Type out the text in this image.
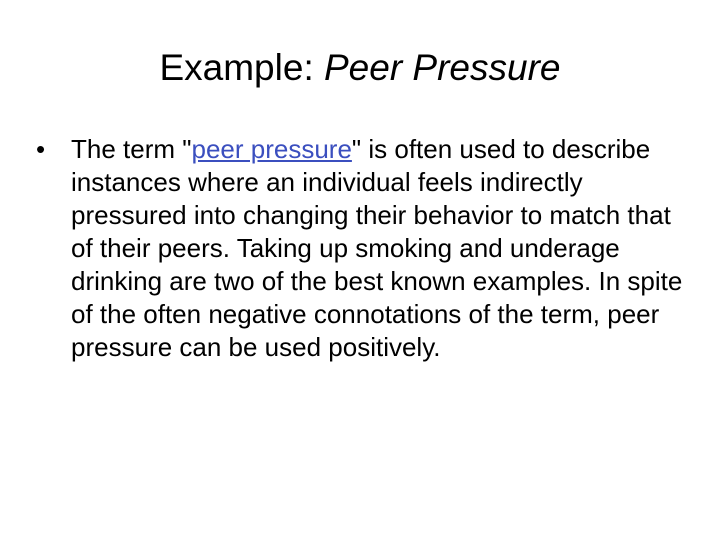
Example: Peer Pressure
• The term "peer pressure" is often used to describe instances where an individual feels indirectly pressured into changing their behavior to match that of their peers. Taking up smoking and underage drinking are two of the best known examples. In spite of the often negative connotations of the term, peer pressure can be used positively.
